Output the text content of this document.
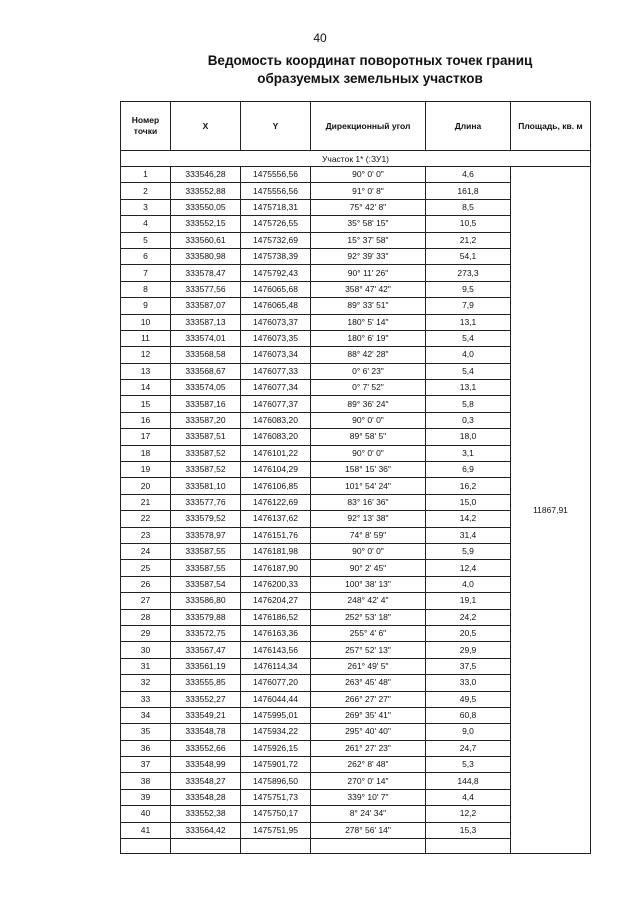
40
Ведомость координат поворотных точек границ
образуемых земельных участков
Номер точки	X	Y	Дирекционный угол	Длина	Площадь, кв. м
Участок 1* (:ЗУ1)					
1	333546,28	1475556,56	90° 0' 0"	4,6	11867,91
2	333552,88	1475556,56	91° 0' 8"	161,8	
3	333550,05	1475718,31	75° 42' 8"	8,5	
4	333552,15	1475726,55	35° 58' 15"	10,5	
5	333560,61	1475732,69	15° 37' 58"	21,2	
6	333580,98	1475738,39	92° 39' 33"	54,1	
7	333578,47	1475792,43	90° 11' 26"	273,3	
8	333577,56	1476065,68	358° 47' 42"	9,5	
9	333587,07	1476065,48	89° 33' 51"	7,9	
10	333587,13	1476073,37	180° 5' 14"	13,1	
11	333574,01	1476073,35	180° 6' 19"	5,4	
12	333568,58	1476073,34	88° 42' 28"	4,0	
13	333568,67	1476077,33	0° 6' 23"	5,4	
14	333574,05	1476077,34	0° 7' 52"	13,1	
15	333587,16	1476077,37	89° 36' 24"	5,8	
16	333587,20	1476083,20	90° 0' 0"	0,3	
17	333587,51	1476083,20	89° 58' 5"	18,0	
18	333587,52	1476101,22	90° 0' 0"	3,1	
19	333587,52	1476104,29	158° 15' 36"	6,9	
20	333581,10	1476106,85	101° 54' 24"	16,2	
21	333577,76	1476122,69	83° 16' 36"	15,0	
22	333579,52	1476137,62	92° 13' 38"	14,2	
23	333578,97	1476151,76	74° 8' 59"	31,4	
24	333587,55	1476181,98	90° 0' 0"	5,9	
25	333587,55	1476187,90	90° 2' 45"	12,4	
26	333587,54	1476200,33	100° 38' 13"	4,0	
27	333586,80	1476204,27	248° 42' 4"	19,1	
28	333579,88	1476186,52	252° 53' 18"	24,2	
29	333572,75	1476163,36	255° 4' 6"	20,5	
30	333567,47	1476143,56	257° 52' 13"	29,9	
31	333561,19	1476114,34	261° 49' 5"	37,5	
32	333555,85	1476077,20	263° 45' 48"	33,0	
33	333552,27	1476044,44	266° 27' 27"	49,5	
34	333549,21	1475995,01	269° 35' 41"	60,8	
35	333548,78	1475934,22	295° 40' 40"	9,0	
36	333552,66	1475926,15	261° 27' 23"	24,7	
37	333548,99	1475901,72	262° 8' 48"	5,3	
38	333548,27	1475896,50	270° 0' 14"	144,8	
39	333548,28	1475751,73	339° 10' 7"	4,4	
40	333552,38	1475750,17	8° 24' 34"	12,2	
41	333564,42	1475751,95	278° 56' 14"	15,3	
